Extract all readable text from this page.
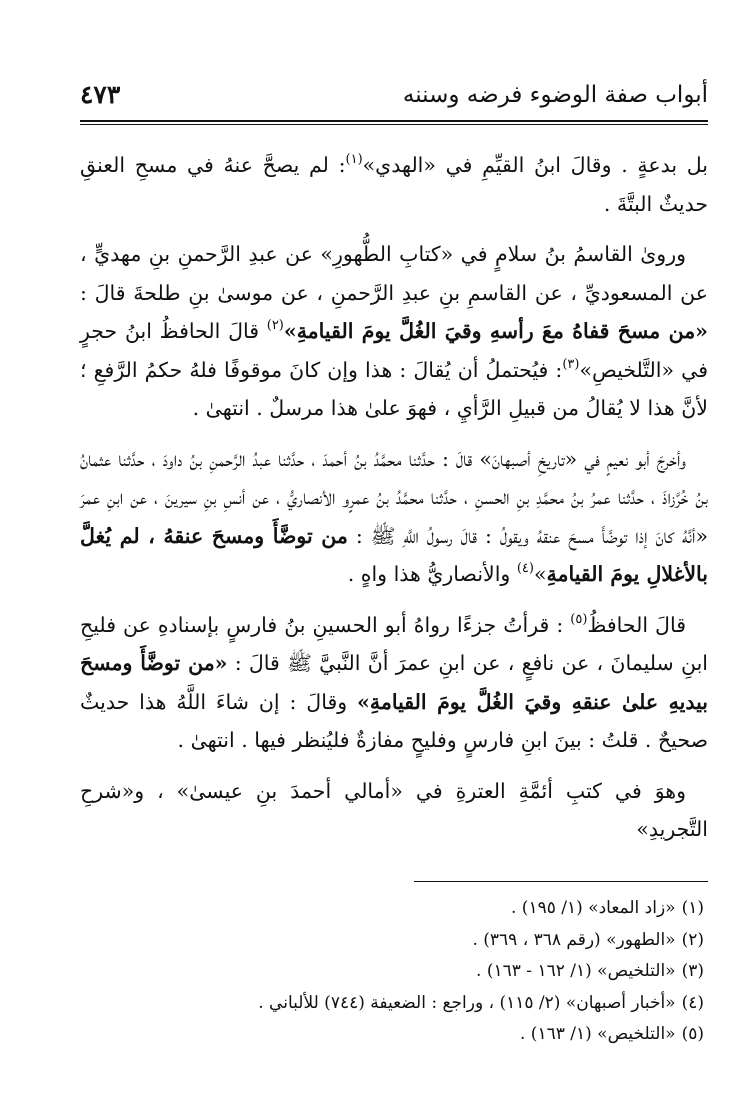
أبواب صفة الوضوء فرضه وسننه
٤٧٣

بل بدعةٍ . وقالَ ابنُ القيِّمِ في «الهدي»$^{(١)}$: لم يصحَّ عنهُ في مسحِ العنقِ حديثٌ البتَّةَ .

وروىٰ القاسمُ بنُ سلامٍ في «كتابِ الطُّهورِ» عن عبدِ الرَّحمنِ بنِ مهديٍّ ، عن المسعوديِّ ، عن القاسمِ بنِ عبدِ الرَّحمنِ ، عن موسىٰ بنِ طلحةَ قالَ : «من مسحَ قفاهُ معَ رأسهِ وقيَ الغُلَّ يومَ القيامةِ»$^{(٢)}$ قالَ الحافظُ ابنُ حجرٍ في «التَّلخيصِ»$^{(٣)}$: فيُحتملُ أن يُقالَ : هذا وإن كانَ موقوفًا فلهُ حكمُ الرَّفعِ ؛ لأنَّ هذا لا يُقالُ من قبيلِ الرَّأيِ ، فهوَ علىٰ هذا مرسلٌ . انتهىٰ .

وأخرجَ أبو نعيمٍ في «تاريخِ أصبهانَ» قالَ : حدَّثنا محمَّدُ بنُ أحمدَ ، حدَّثنا عبدُ الرَّحمنِ بنُ داودَ ، حدَّثنا عثمانُ بنُ خُرَّزاذَ ، حدَّثنا عمرُ بنُ محمَّدِ بنِ الحسنِ ، حدَّثنا محمَّدُ بنُ عمرٍو الأنصاريُّ ، عن أنسِ بنِ سيرينَ ، عن ابنِ عمرَ «أنَّهُ كانَ إذا توضَّأَ مسحَ عنقهُ ويقولُ : قالَ رسولُ اللَّهِ ﷺ : من توضَّأَ ومسحَ عنقهُ ، لم يُغلَّ بالأغلالِ يومَ القيامةِ»$^{(٤)}$ والأنصاريُّ هذا واهٍ .

قالَ الحافظُ$^{(٥)}$ : قرأتُ جزءًا رواهُ أبو الحسينِ بنُ فارسٍ بإسنادهِ عن فليحِ ابنِ سليمانَ ، عن نافعٍ ، عن ابنِ عمرَ أنَّ النَّبيَّ ﷺ قالَ : «من توضَّأَ ومسحَ بيديهِ علىٰ عنقهِ وقيَ الغُلَّ يومَ القيامةِ» وقالَ : إن شاءَ اللَّهُ هذا حديثٌ صحيحٌ . قلتُ : بينَ ابنِ فارسٍ وفليحٍ مفازةٌ فليُنظر فيها . انتهىٰ .

وهوَ في كتبِ أئمَّةِ العترةِ في «أمالي أحمدَ بنِ عيسىٰ» ، و«شرحِ التَّجريدِ»

(١)«زاد المعاد» (١/ ١٩٥) .
(٢)«الطهور» (رقم ٣٦٨ ، ٣٦٩) .
(٣)«التلخيص» (١/ ١٦٢ - ١٦٣) .
(٤)«أخبار أصبهان» (٢/ ١١٥) ، وراجع : الضعيفة (٧٤٤) للألباني .
(٥)«التلخيص» (١/ ١٦٣) .
